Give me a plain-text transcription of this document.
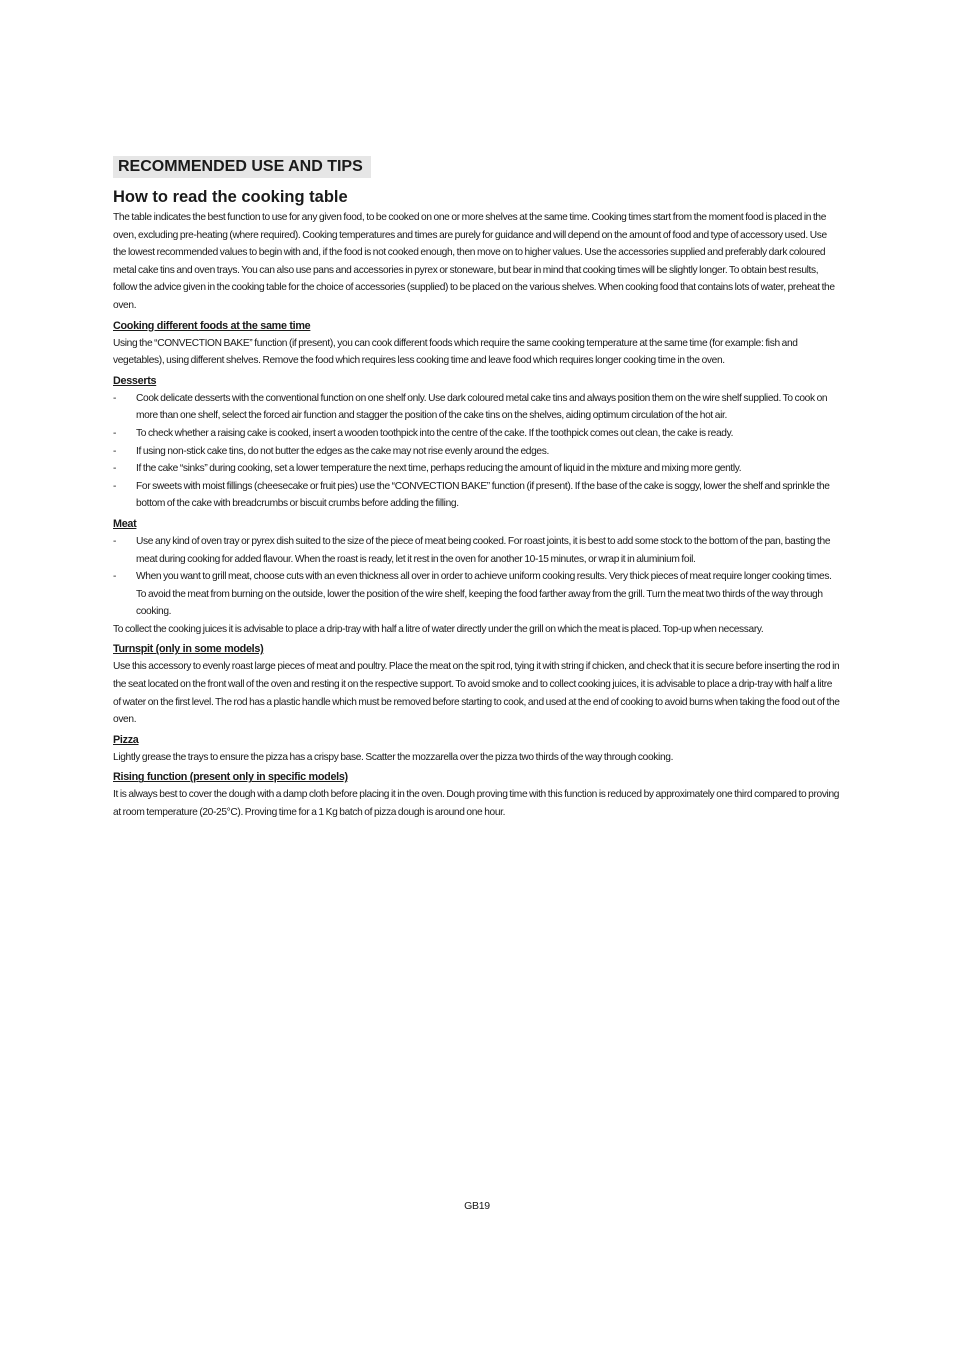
RECOMMENDED USE AND TIPS
How to read the cooking table

The table indicates the best function to use for any given food, to be cooked on one or more shelves at the same time. Cooking times start from the moment food is placed in the oven, excluding pre-heating (where required). Cooking temperatures and times are purely for guidance and will depend on the amount of food and type of accessory used. Use the lowest recommended values to begin with and, if the food is not cooked enough, then move on to higher values. Use the accessories supplied and preferably dark coloured metal cake tins and oven trays. You can also use pans and accessories in pyrex or stoneware, but bear in mind that cooking times will be slightly longer. To obtain best results, follow the advice given in the cooking table for the choice of accessories (supplied) to be placed on the various shelves. When cooking food that contains lots of water, preheat the oven.

Cooking different foods at the same time

Using the “CONVECTION BAKE” function (if present), you can cook different foods which require the same cooking temperature at the same time (for example: fish and vegetables), using different shelves. Remove the food which requires less cooking time and leave food which requires longer cooking time in the oven.

Desserts
- Cook delicate desserts with the conventional function on one shelf only. Use dark coloured metal cake tins and always position them on the wire shelf supplied. To cook on more than one shelf, select the forced air function and stagger the position of the cake tins on the shelves, aiding optimum circulation of the hot air.
- To check whether a raising cake is cooked, insert a wooden toothpick into the centre of the cake. If the toothpick comes out clean, the cake is ready.
- If using non-stick cake tins, do not butter the edges as the cake may not rise evenly around the edges.
- If the cake “sinks” during cooking, set a lower temperature the next time, perhaps reducing the amount of liquid in the mixture and mixing more gently.
- For sweets with moist fillings (cheesecake or fruit pies) use the “CONVECTION BAKE” function (if present). If the base of the cake is soggy, lower the shelf and sprinkle the bottom of the cake with breadcrumbs or biscuit crumbs before adding the filling.
Meat
- Use any kind of oven tray or pyrex dish suited to the size of the piece of meat being cooked. For roast joints, it is best to add some stock to the bottom of the pan, basting the meat during cooking for added flavour. When the roast is ready, let it rest in the oven for another 10-15 minutes, or wrap it in aluminium foil.
- When you want to grill meat, choose cuts with an even thickness all over in order to achieve uniform cooking results. Very thick pieces of meat require longer cooking times. To avoid the meat from burning on the outside, lower the position of the wire shelf, keeping the food farther away from the grill. Turn the meat two thirds of the way through cooking.

To collect the cooking juices it is advisable to place a drip-tray with half a litre of water directly under the grill on which the meat is placed. Top-up when necessary.

Turnspit (only in some models)

Use this accessory to evenly roast large pieces of meat and poultry. Place the meat on the spit rod, tying it with string if chicken, and check that it is secure before inserting the rod in the seat located on the front wall of the oven and resting it on the respective support. To avoid smoke and to collect cooking juices, it is advisable to place a drip-tray with half a litre of water on the first level. The rod has a plastic handle which must be removed before starting to cook, and used at the end of cooking to avoid burns when taking the food out of the oven.

Pizza

Lightly grease the trays to ensure the pizza has a crispy base. Scatter the mozzarella over the pizza two thirds of the way through cooking.

Rising function (present only in specific models)

It is always best to cover the dough with a damp cloth before placing it in the oven. Dough proving time with this function is reduced by approximately one third compared to proving at room temperature (20-25°C). Proving time for a 1 Kg batch of pizza dough is around one hour.

GB19
